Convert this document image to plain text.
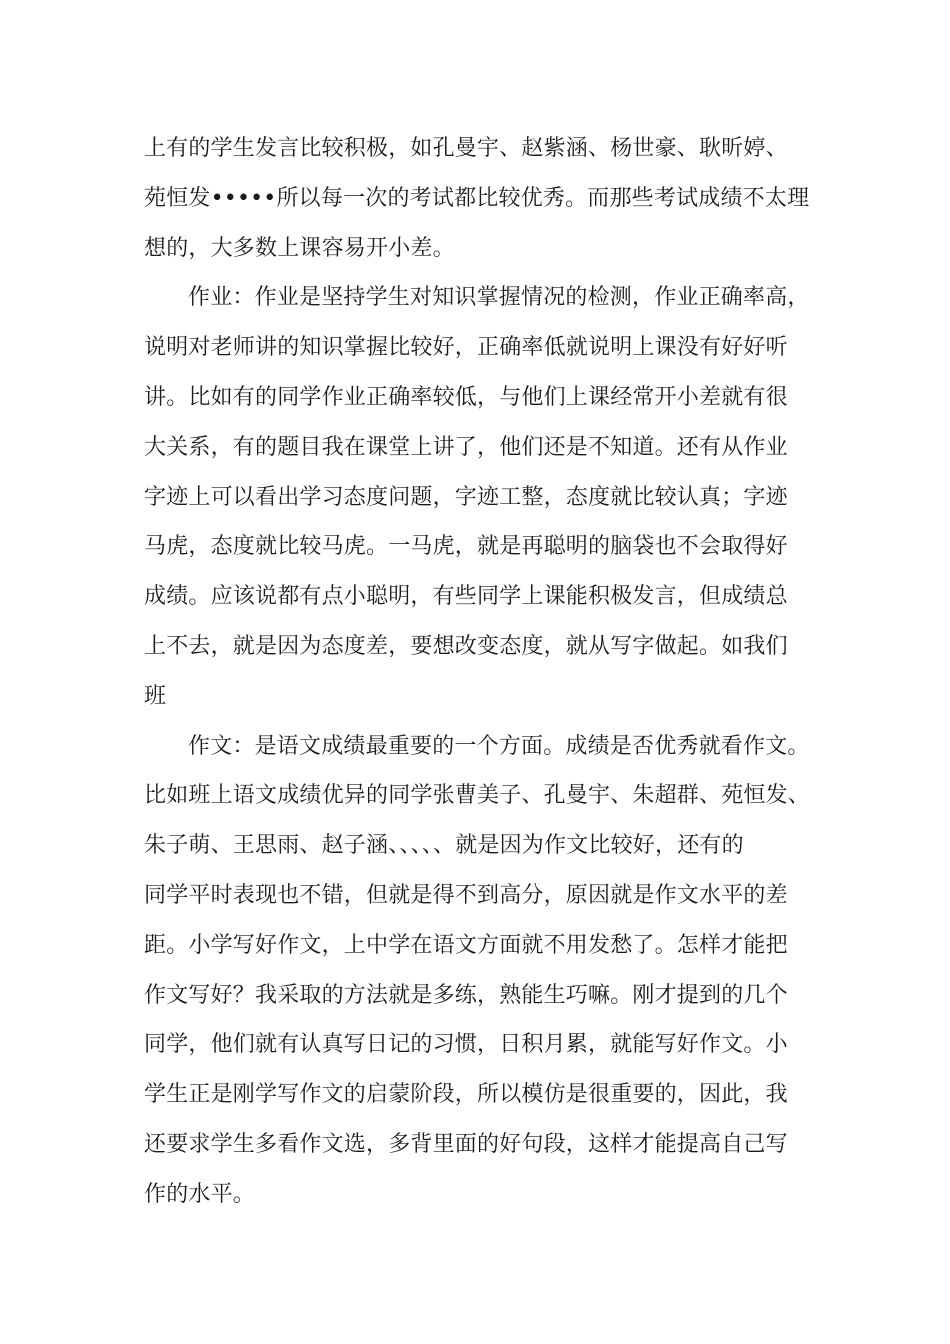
上有的学生发言比较积极，如孔曼宇、赵紫涵、杨世豪、耿昕婷、
苑恒发•••••所以每一次的考试都比较优秀。而那些考试成绩不太理
想的，大多数上课容易开小差。
作业：作业是坚持学生对知识掌握情况的检测，作业正确率高，
说明对老师讲的知识掌握比较好，正确率低就说明上课没有好好听
讲。比如有的同学作业正确率较低，与他们上课经常开小差就有很
大关系，有的题目我在课堂上讲了，他们还是不知道。还有从作业
字迹上可以看出学习态度问题，字迹工整，态度就比较认真；字迹
马虎，态度就比较马虎。一马虎，就是再聪明的脑袋也不会取得好
成绩。应该说都有点小聪明，有些同学上课能积极发言，但成绩总
上不去，就是因为态度差，要想改变态度，就从写字做起。如我们
班
作文：是语文成绩最重要的一个方面。成绩是否优秀就看作文。
比如班上语文成绩优异的同学张曹美子、孔曼宇、朱超群、苑恒发、
朱子萌、王思雨、赵子涵、、、、、就是因为作文比较好，还有的
同学平时表现也不错，但就是得不到高分，原因就是作文水平的差
距。小学写好作文，上中学在语文方面就不用发愁了。怎样才能把
作文写好？我采取的方法就是多练，熟能生巧嘛。刚才提到的几个
同学，他们就有认真写日记的习惯，日积月累，就能写好作文。小
学生正是刚学写作文的启蒙阶段，所以模仿是很重要的，因此，我
还要求学生多看作文选，多背里面的好句段，这样才能提高自己写
作的水平。
